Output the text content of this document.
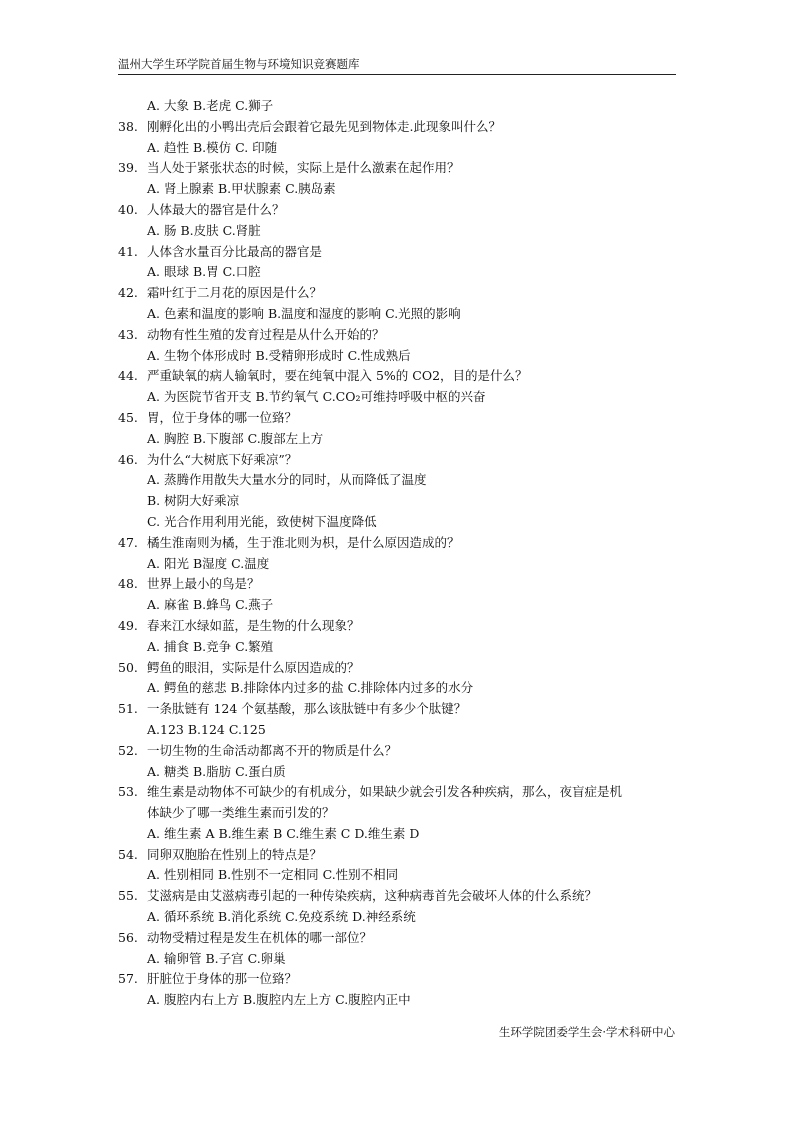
温州大学生环学院首届生物与环境知识竞赛题库
A. 大象 B.老虎 C.狮子
38. 刚孵化出的小鸭出壳后会跟着它最先见到物体走.此现象叫什么？
A. 趋性 B.模仿 C. 印随
39. 当人处于紧张状态的时候，实际上是什么激素在起作用？
A. 肾上腺素 B.甲状腺素 C.胰岛素
40. 人体最大的器官是什么？
A. 肠 B.皮肤 C.肾脏
41. 人体含水量百分比最高的器官是
A. 眼球 B.胃 C.口腔
42. 霜叶红于二月花的原因是什么？
A. 色素和温度的影响 B.温度和湿度的影响 C.光照的影响
43. 动物有性生殖的发育过程是从什么开始的？
A. 生物个体形成时 B.受精卵形成时 C.性成熟后
44. 严重缺氧的病人输氧时，要在纯氧中混入 5%的 CO2，目的是什么？
A. 为医院节省开支 B.节约氧气 C.CO₂可维持呼吸中枢的兴奋
45. 胃，位于身体的哪一位臵？
A. 胸腔 B.下腹部 C.腹部左上方
46. 为什么“大树底下好乘凉”？
A. 蒸腾作用散失大量水分的同时，从而降低了温度
B. 树阴大好乘凉
C. 光合作用利用光能，致使树下温度降低
47. 橘生淮南则为橘，生于淮北则为枳，是什么原因造成的？
A. 阳光 B湿度 C.温度
48. 世界上最小的鸟是？
A. 麻雀 B.蜂鸟 C.燕子
49. 春来江水绿如蓝，是生物的什么现象？
A. 捕食 B.竞争 C.繁殖
50. 鳄鱼的眼泪，实际是什么原因造成的？
A. 鳄鱼的慈悲 B.排除体内过多的盐 C.排除体内过多的水分
51. 一条肽链有 124 个氨基酸，那么该肽链中有多少个肽键？
A.123 B.124 C.125
52. 一切生物的生命活动都离不开的物质是什么？
A. 糖类 B.脂肪 C.蛋白质
53. 维生素是动物体不可缺少的有机成分，如果缺少就会引发各种疾病，那么，夜盲症是机
体缺少了哪一类维生素而引发的？
A. 维生素 A B.维生素 B C.维生素 C D.维生素 D
54. 同卵双胞胎在性别上的特点是？
A. 性别相同 B.性别不一定相同 C.性别不相同
55. 艾滋病是由艾滋病毒引起的一种传染疾病，这种病毒首先会破坏人体的什么系统？
A. 循环系统 B.消化系统 C.免疫系统 D.神经系统
56. 动物受精过程是发生在机体的哪一部位？
A. 输卵管 B.子宫 C.卵巢
57. 肝脏位于身体的那一位臵？
A. 腹腔内右上方 B.腹腔内左上方 C.腹腔内正中
生环学院团委学生会·学术科研中心
